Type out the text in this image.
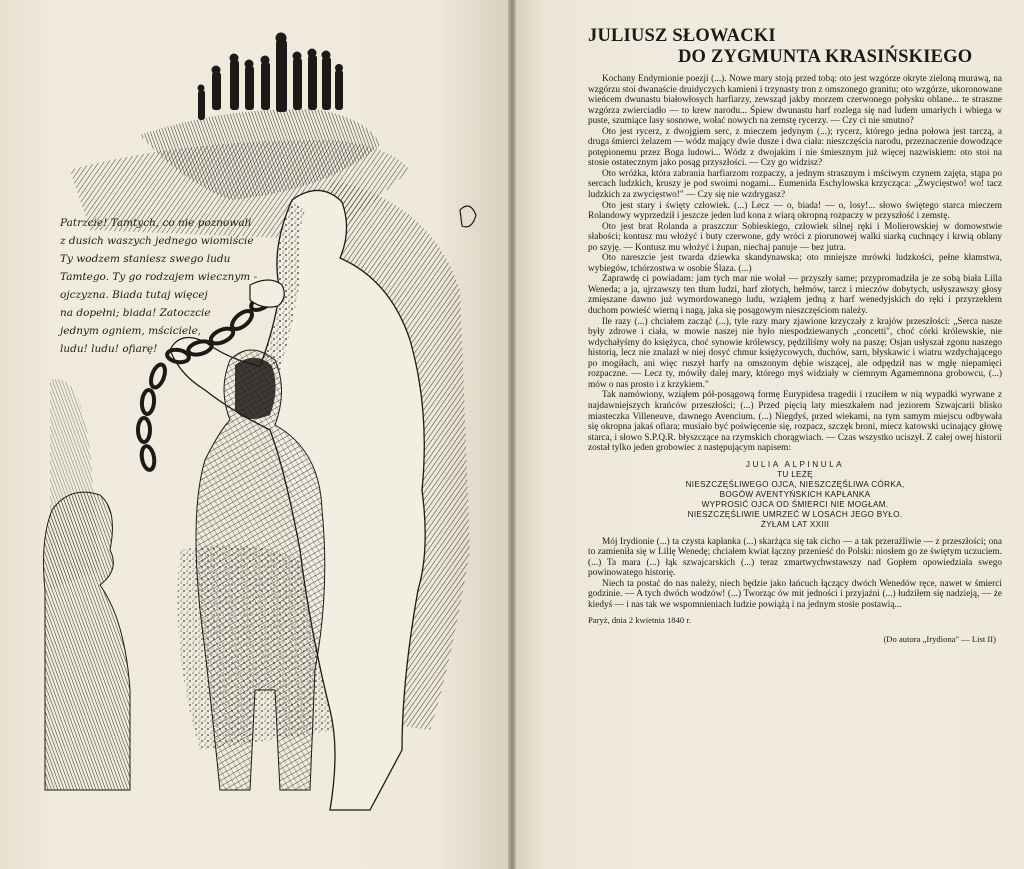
Patrzcie! Tamtych, co nie poznowali
z dusich waszych jednego wiomiście
Ty wodzem staniesz swego ludu
Tamtego. Ty go rodzajem wiecznym -
ojczyzna. Biada tutaj więcej
na dopełni; biada! Zatoczcie
jednym ogniem, mściciele,
ludu! ludu! ofiarę!
JULIUSZ SŁOWACKI
DO ZYGMUNTA KRASIŃSKIEGO

Kochany Endymionie poezji (...). Nowe mary stoją przed tobą: oto jest wzgórze okryte zieloną murawą, na wzgórzu stoi dwanaście druidyczych kamieni i trzynasty tron z omszonego granitu; oto wzgórze, ukoronowane wieńcem dwunastu białowłosych harfiarzy, zewsząd jakby morzem czerwonego połysku oblane... te straszne wzgórza zwierciadło — to krew narodu... Śpiew dwunastu harf rozlega się nad ludem umarłych i wbiega w puste, szumiące lasy sosnowe, wołać nowych na zemstę rycerzy. — Czy ci nie smutno?

Oto jest rycerz, z dwojgiem serc, z mieczem jedynym (...); rycerz, którego jedna połowa jest tarczą, a druga śmierci żelazem — wódz mający dwie dusze i dwa ciała: nieszczęścia narodu, przeznaczenie dowodzące potępionemu przez Boga ludowi... Wódz z dwojakim i nie śmiesznym już więcej nazwiskiem: oto stoi na stosie ostatecznym jako posąg przyszłości. — Czy go widzisz?

Oto wróżka, która zabrania harfiarzom rozpaczy, a jednym strasznym i mściwym czynem zajęta, stąpa po sercach ludzkich, kruszy je pod swoimi nogami... Eumenida Eschylowska krzycząca: „Zwycięstwo! wo! tacz ludzkich za zwycięstwo!" — Czy się nie wzdrygasz?

Oto jest stary i święty człowiek. (...) Lecz — o, biada! — o, losy!... słowo świętego starca mieczem Rolandowy wyprzedził i jeszcze jeden lud kona z wiarą okropną rozpaczy w przyszłość i zemstę.

Oto jest brat Rolanda a praszczur Sobieskiego, człowiek silnej ręki i Molierowskiej w domowstwie słabości; kontusz mu włożyć i buty czerwone, gdy wróci z piorunowej walki siarką cuchnący i krwią oblany po szyję. — Kontusz mu włożyć i żupan, niechaj panuje — bez jutra.

Oto nareszcie jest twarda dziewka skandynawska; oto mniejsze mrówki ludzkości, pełne kłamstwa, wybiegów, tchórzostwa w osobie Ślaza. (...)

Zaprawdę ci powiadam: jam tych mar nie wołał — przyszły same; przypromadziła je ze sobą biała Lilla Weneda; a ja, ujrzawszy ten tłum ludzi, harf złotych, hełmów, tarcz i mieczów dobytych, usłyszawszy głosy zmięszane dawno już wymordowanego ludu, wziąłem jedną z harf wenedyjskich do ręki i przyrzekłem duchom powieść wierną i nagą, jaka się posągowym nieszczęściom należy.

Ile razy (...) chciałem zacząć (...), tyle razy mary zjawione krzyczały z krajów przeszłości: „Serca nasze były zdrowe i ciała, w mowie naszej nie było niespodziewanych „concetti", choć córki królewskie, nie wdychałyśmy do księżyca, choć synowie królewscy, pędziliśmy woły na paszę; Osjan usłyszał zgonu naszego historią, lecz nie znalazł w niej dosyć chmur księżycowych, duchów, sarn, błyskawic i wiatru wzdychającego po mogiłach, ani więc ruszył harfy na omszonym dębie wiszącej, ale odpędził nas w mgłę niepamięci rozpaczne. — Lecz ty, mówiły dalej mary, którego myś widziały w ciemnym Agamemnona grobowcu, (...) mów o nas prosto i z krzykiem."

Tak namówiony, wziąłem pół-posągową formę Eurypidesa tragedii i rzuciłem w nią wypadki wyrwane z najdawniejszych krańców przeszłości; (...) Przed pięcią laty mieszkałem nad jeziorem Szwajcarii blisko miasteczka Villeneuve, dawnego Avencium. (...) Niegdyś, przed wiekami, na tym samym miejscu odbywała się okropna jakaś ofiara; musiało być poświęcenie się, rozpacz, szczęk broni, miecz katowski ucinający głowę starca, i słowo S.P.Q.R. błyszczące na rzymskich chorągwiach. — Czas wszystko uciszył. Z całej owej historii został tylko jeden grobowiec z następującym napisem:

JULIA ALPINULA
TU LEŻĘ
NIESZCZĘŚLIWEGO OJCA, NIESZCZĘŚLIWA CÓRKA,
BOGÓW AVENTYŃSKICH KAPŁANKA
WYPROSIĆ OJCA OD ŚMIERCI NIE MOGŁAM.
NIESZCZĘŚLIWIE UMRZEĆ W LOSACH JEGO BYŁO.
ŻYŁAM LAT XXIII

Mój Irydionie (...) ta czysta kapłanka (...) skarżąca się tak cicho — a tak przeraźliwie — z przeszłości; ona to zamieniła się w Lillę Wenedę; chciałem kwiat łączny przenieść do Polski: niosłem go ze świętym uczuciem. (...) Ta mara (...) łąk szwajcarskich (...) teraz zmartwychwstawszy nad Gopłem opowiedziała swego powinowatego historię.

Niech ta postać do nas należy, niech będzie jako łańcuch łączący dwóch Wenedów ręce, nawet w śmierci godzinie. — A tych dwóch wodzów! (...) Tworząc ów mit jedności i przyjaźni (...) łudziłem się nadzieją, — że kiedyś — i nas tak we wspomnieniach ludzie powiążą i na jednym stosie postawią...

Paryż, dnia 2 kwietnia 1840 r.

(Do autora „Irydiona" — List II)
